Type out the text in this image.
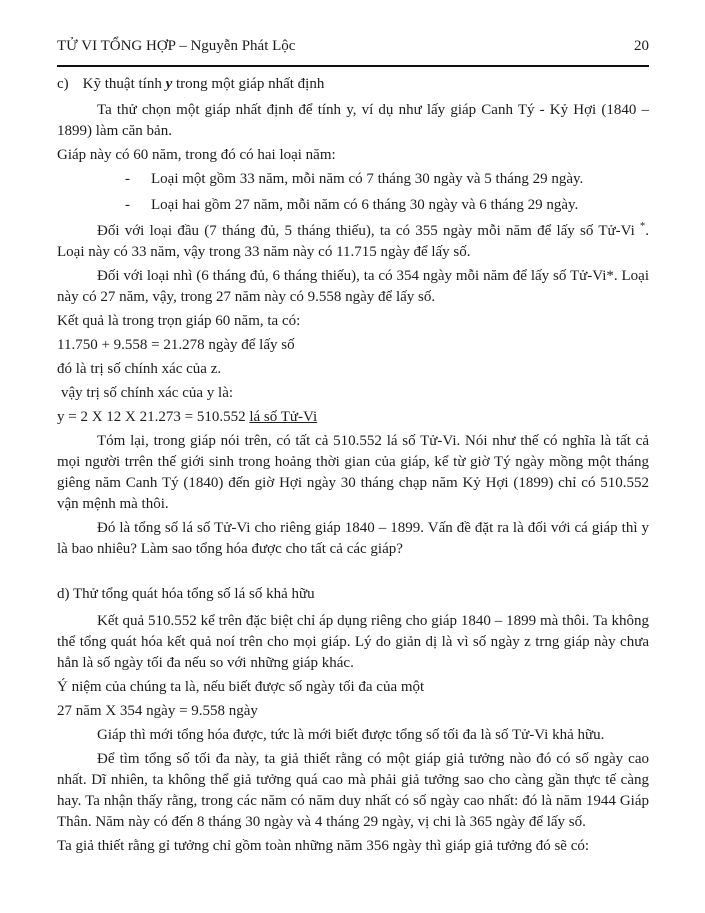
TỬ VI TỔNG HỢP – Nguyễn Phát Lộc	20

c) Kỹ thuật tính y trong một giáp nhất định

Ta thử chọn một giáp nhất định để tính y, ví dụ như lấy giáp Canh Tý - Kỷ Hợi (1840 – 1899) làm căn bản.

Giáp này có 60 năm, trong đó có hai loại năm:

-	Loại một gồm 33 năm, mỗi năm có 7 tháng 30 ngày và 5 tháng 29 ngày.
-	Loại hai gồm 27 năm, mỗi năm có 6 tháng 30 ngày và 6 tháng 29 ngày.

Đối với loại đầu (7 tháng đủ, 5 tháng thiếu), ta có 355 ngày mỗi năm để lấy số Tử-Vi *. Loại này có 33 năm, vậy trong 33 năm này có 11.715 ngày để lấy số.

Đối với loại nhì (6 tháng đủ, 6 tháng thiếu), ta có 354 ngày mỗi năm để lấy số Tử-Vi*. Loại này có 27 năm, vậy, trong 27 năm này có 9.558 ngày để lấy số.

Kết quả là trong trọn giáp 60 năm, ta có:

11.750 + 9.558 = 21.278 ngày để lấy số

đó là trị số chính xác của z.

vậy trị số chính xác của y là:

y = 2 X 12 X 21.273 = 510.552 lá số Tử-Vi

Tóm lại, trong giáp nói trên, có tất cả 510.552 lá số Tử-Vi. Nói như thế có nghĩa là tất cả mọi người trrên thế giới sinh trong hoảng thời gian của giáp, kể từ giờ Tý ngày mồng một tháng giêng năm Canh Tý (1840) đến giờ Hợi ngày 30 tháng chạp năm Kỷ Hợi (1899) chỉ có 510.552 vận mệnh mà thôi.

Đó là tổng số lá số Tử-Vi cho riêng giáp 1840 – 1899. Vấn đề đặt ra là đối với cá giáp thì y là bao nhiêu? Làm sao tổng hóa được cho tất cả các giáp?

d) Thử tổng quát hóa tổng số lá số khả hữu

Kết quả 510.552 kể trên đặc biệt chỉ áp dụng riêng cho giáp 1840 – 1899 mà thôi. Ta không thể tổng quát hóa kết quả noí trên cho mọi giáp. Lý do giản dị là vì số ngày z trng giáp này chưa hẳn là số ngày tối đa nếu so với những giáp khác.

Ý niệm của chúng ta là, nếu biết được số ngày tối đa của một

27 năm X 354 ngày = 9.558 ngày

Giáp thì mới tổng hóa được, tức là mới biết được tổng số tối đa là số Tử-Vi khả hữu.

Để tìm tổng số tối đa này, ta giả thiết rằng có một giáp giả tưởng nào đó có số ngày cao nhất. Dĩ nhiên, ta không thể giả tưởng quá cao mà phải giả tưởng sao cho càng gần thực tế càng hay. Ta nhận thấy rằng, trong các năm có năm duy nhất có số ngày cao nhất: đó là năm 1944 Giáp Thân. Năm này có đến 8 tháng 30 ngày và 4 tháng 29 ngày, vị chi là 365 ngày để lấy số.

Ta giả thiết rằng gỉ tưởng chỉ gồm toàn những năm 356 ngày thì giáp giả tưởng đó sẽ có:
